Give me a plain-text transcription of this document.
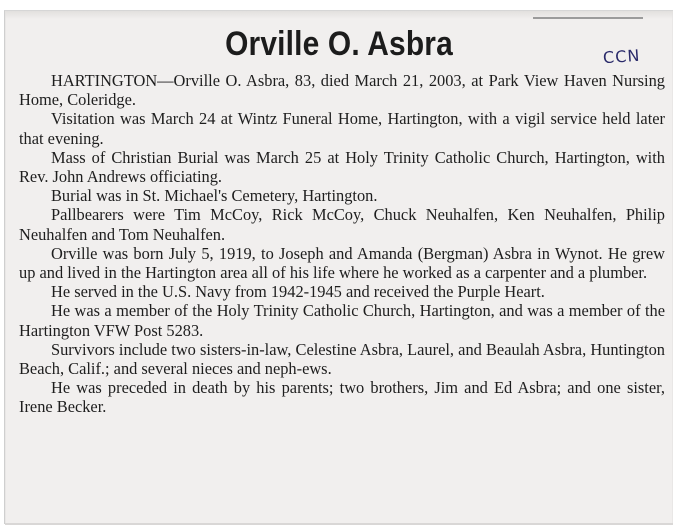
Orville O. Asbra	CCN

HARTINGTON—Orville O. Asbra, 83, died March 21, 2003, at Park View Haven Nursing Home, Coleridge.

Visitation was March 24 at Wintz Funeral Home, Hartington, with a vigil service held later that evening.

Mass of Christian Burial was March 25 at Holy Trinity Catholic Church, Hartington, with Rev. John Andrews officiating.

Burial was in St. Michael's Cemetery, Hartington.

Pallbearers were Tim McCoy, Rick McCoy, Chuck Neuhalfen, Ken Neuhalfen, Philip Neuhalfen and Tom Neuhalfen.

Orville was born July 5, 1919, to Joseph and Amanda (Bergman) Asbra in Wynot. He grew up and lived in the Hartington area all of his life where he worked as a carpenter and a plumber.

He served in the U.S. Navy from 1942-1945 and received the Purple Heart.

He was a member of the Holy Trinity Catholic Church, Hartington, and was a member of the Hartington VFW Post 5283.

Survivors include two sisters-in-law, Celestine Asbra, Laurel, and Beaulah Asbra, Huntington Beach, Calif.; and several nieces and neph-ews.

He was preceded in death by his parents; two brothers, Jim and Ed Asbra; and one sister, Irene Becker.
